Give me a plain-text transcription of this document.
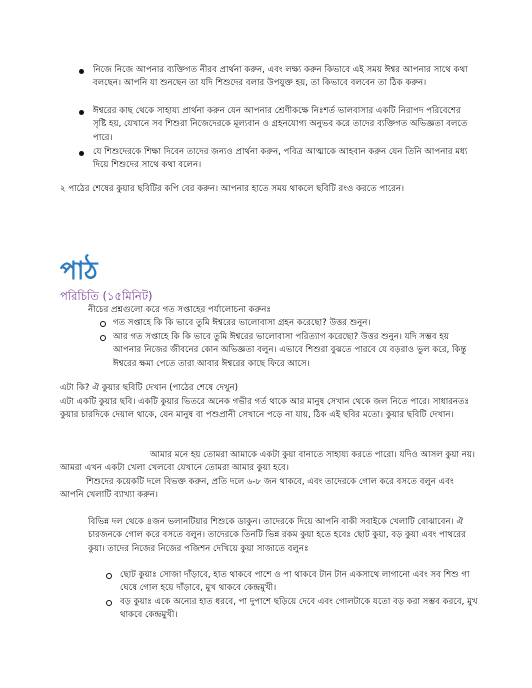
নিজে নিজে আপনার ব্যক্তিগত নীরব প্রার্থনা করুন, এবং লক্ষ্য করুন কিভাবে এই সময় ঈশ্বর আপনার সাথে কথা বলছেন। আপনি যা শুনছেন তা যদি শিশুদের বলার উপযুক্ত হয়, তা কিভাবে বলবেন তা ঠিক করুন।

ঈশ্বরের কাছ থেকে সাহায্য প্রার্থনা করুন যেন আপনার শ্রেণীকক্ষে নিঃশর্ত ভালবাসার একটি নিরাপদ পরিবেশের সৃষ্টি হয়, যেখানে সব শিশুরা নিজেদেরকে মূল্যবান ও গ্রহনযোগ্য অনুভব করে তাদের ব্যক্তিগত অভিজ্ঞতা বলতে পারে।

যে শিশুদেরকে শিক্ষা দিবেন তাদের জন্যও প্রার্থনা করুন, পবিত্র আত্মাকে আহবান করুন যেন তিনি আপনার মধ্য দিয়ে শিশুদের সাথে কথা বলেন।

২ পাঠের শেষের কুয়ার ছবিটির কপি বের করুন। আপনার হাতে সময় থাকলে ছবিটি রংও করতে পারেন।

পাঠ
পরিচিতি (১৫মিনিট)

নীচের প্রশ্নগুলো করে গত সপ্তাহের পর্যালোচনা করুনঃ

গত সপ্তাহে কি কি ভাবে তুমি ঈশ্বরের ভালোবাসা গ্রহন করেছো? উত্তর শুনুন।

আর গত সপ্তাহে কি কি ভাবে তুমি ঈশ্বরের ভালোবাসা পরিত্যাগ করেছো? উত্তর শুনুন। যদি সম্ভব হয় আপনার নিজের জীবনের কোন অভিজ্ঞতা বলুন। এভাবে শিশুরা বুঝতে পারবে যে বড়রাও ভুল করে, কিন্তু ঈশ্বরের ক্ষমা পেতে তারা আবার ঈশ্বরের কাছে ফিরে আসে।

এটা কি? ঐ কুয়ার ছবিটি দেখান (পাঠের শেষে দেখুন)

এটা একটি কুয়ার ছবি। একটি কুয়ার ভিতরে অনেক গভীর গর্ত থাকে আর মানুষ সেখান থেকে জল নিতে পারে। সাধারনতঃ কুয়ার চারদিকে দেয়াল থাকে, যেন মানুষ বা পশুপ্রানী সেখানে পড়ে না যায়, ঠিক এই ছবির মতো। কুয়ার ছবিটি দেখান।

আমার মনে হয় তোমরা আমাকে একটা কুয়া বানাতে সাহায্য করতে পারো। যদিও আসল কুয়া নয়। আমরা এখন একটা খেলা খেলবো যেখানে তোমরা আমার কুয়া হবে।

শিশুদের কয়েকটি দলে বিভক্ত করুন, প্রতি দলে ৬-৮ জন থাকবে, এবং তাদেরকে গোল করে বসতে বলুন এবং আপনি খেলাটি ব্যাখ্যা করুন।

বিভিন্ন দল থেকে ৪জন ভলানটিয়ার শিশুকে ডাকুন। তাদেরকে দিয়ে আপনি বাকী সবাইকে খেলাটি বোঝাবেন। ঐ চারজনকে গোল করে বসতে বলুন। তাদেরকে তিনটি ভিন্ন রকম কুয়া হতে হবেঃ ছোট কুয়া, বড় কুয়া এবং পাথরের কুয়া। তাদের নিজের নিজের পজিশন দেখিয়ে কুয়া সাজাতে বলুনঃ

ছোট কুয়াঃ সোজা দাঁড়াবে, হাত থাকবে পাশে ও পা থাকবে টান টান একসাথে লাগানো এবং সব শিশু গা ঘেষে গোল হয়ে দাঁড়াবে, মুখ থাকবে কেন্দ্রমুখী।

বড় কুয়াঃ একে অন্যের হাত ধরবে, পা দুপাশে ছড়িয়ে দেবে এবং গোলটাকে যতো বড় করা সম্ভব করবে, মুখ থাকবে কেন্দ্রমুখী।
